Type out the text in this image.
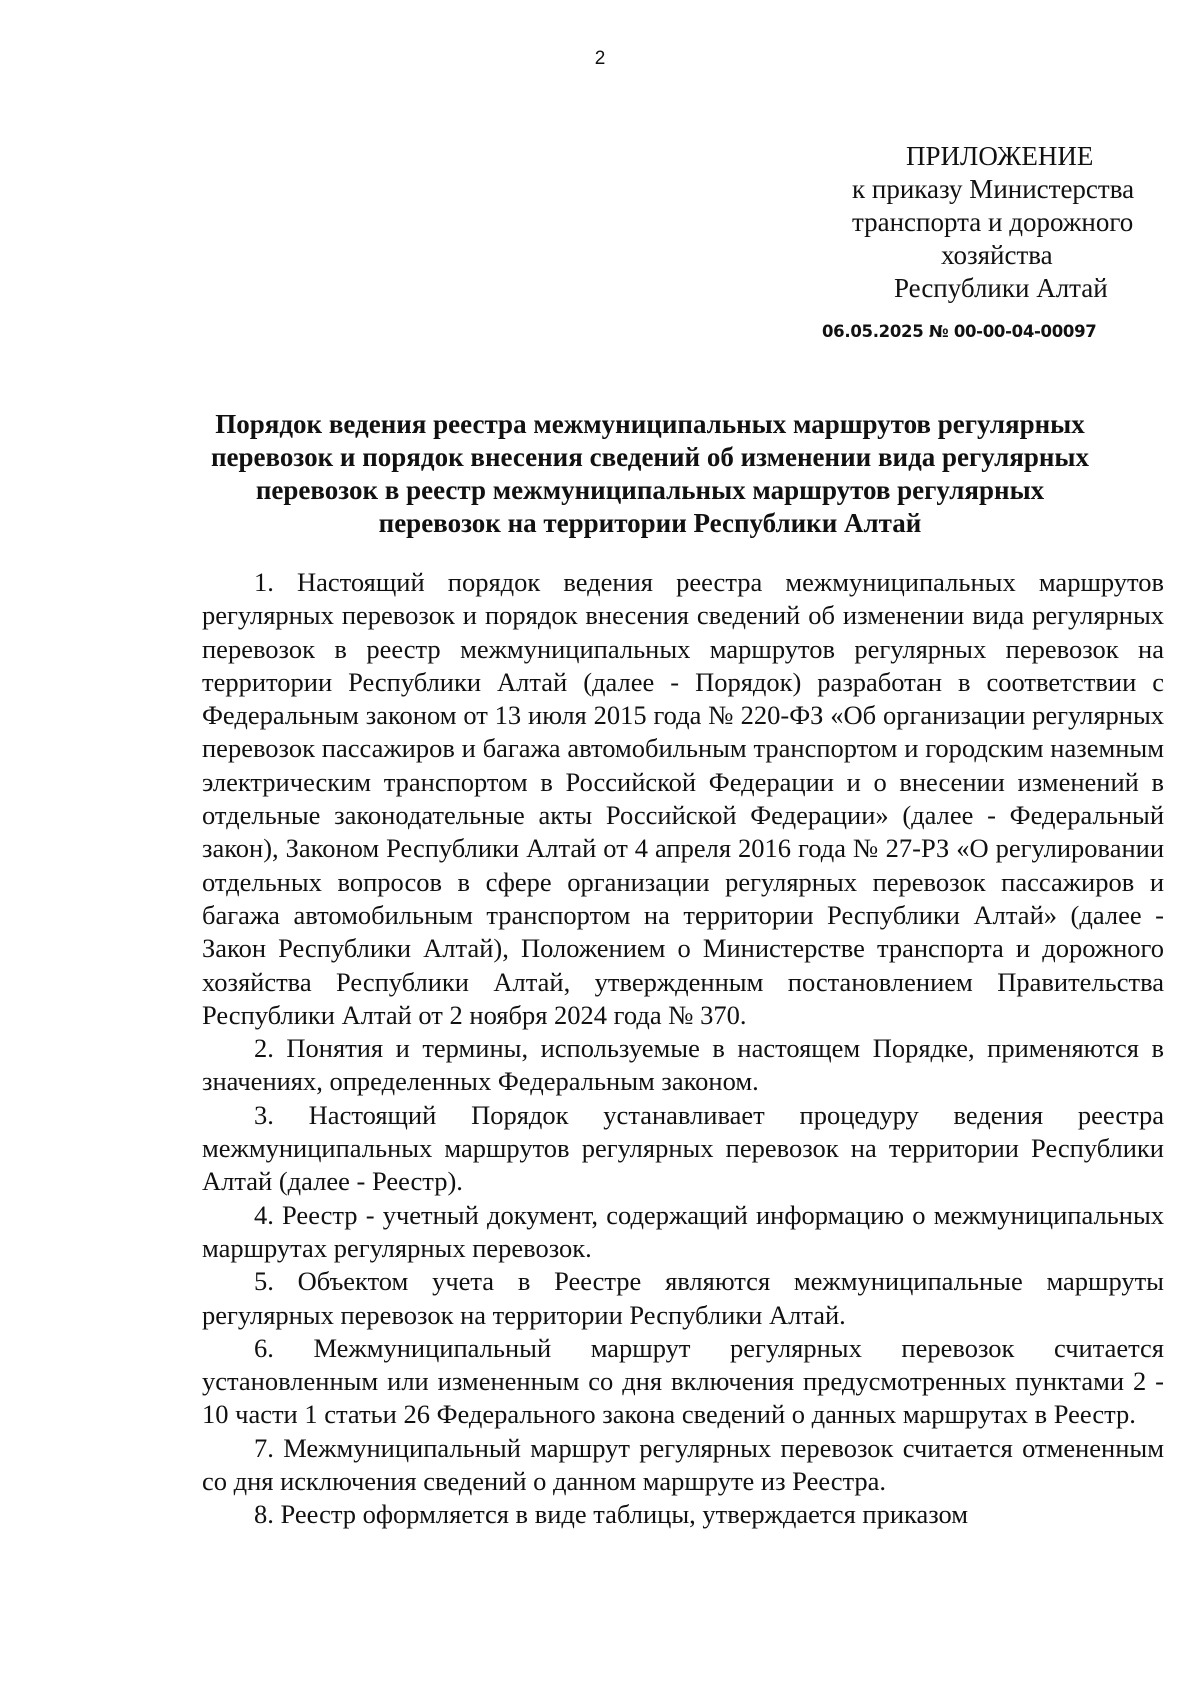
2
ПРИЛОЖЕНИЕ
к приказу Министерства
транспорта и дорожного
хозяйства
Республики Алтай
06.05.2025 № 00-00-04-00097
Порядок ведения реестра межмуниципальных маршрутов регулярных
перевозок и порядок внесения сведений об изменении вида регулярных
перевозок в реестр межмуниципальных маршрутов регулярных
перевозок на территории Республики Алтай

1. Настоящий порядок ведения реестра межмуниципальных маршрутов регулярных перевозок и порядок внесения сведений об изменении вида регулярных перевозок в реестр межмуниципальных маршрутов регулярных перевозок на территории Республики Алтай (далее - Порядок) разработан в соответствии с Федеральным законом от 13 июля 2015 года № 220-ФЗ «Об организации регулярных перевозок пассажиров и багажа автомобильным транспортом и городским наземным электрическим транспортом в Российской Федерации и о внесении изменений в отдельные законодательные акты Российской Федерации» (далее - Федеральный закон), Законом Республики Алтай от 4 апреля 2016 года № 27-РЗ «О регулировании отдельных вопросов в сфере организации регулярных перевозок пассажиров и багажа автомобильным транспортом на территории Республики Алтай» (далее - Закон Республики Алтай), Положением о Министерстве транспорта и дорожного хозяйства Республики Алтай, утвержденным постановлением Правительства Республики Алтай от 2 ноября 2024 года № 370.

2. Понятия и термины, используемые в настоящем Порядке, применяются в значениях, определенных Федеральным законом.

3. Настоящий Порядок устанавливает процедуру ведения реестра межмуниципальных маршрутов регулярных перевозок на территории Республики Алтай (далее - Реестр).

4. Реестр - учетный документ, содержащий информацию о межмуниципальных маршрутах регулярных перевозок.

5. Объектом учета в Реестре являются межмуниципальные маршруты регулярных перевозок на территории Республики Алтай.

6. Межмуниципальный маршрут регулярных перевозок считается установленным или измененным со дня включения предусмотренных пунктами 2 - 10 части 1 статьи 26 Федерального закона сведений о данных маршрутах в Реестр.

7. Межмуниципальный маршрут регулярных перевозок считается отмененным со дня исключения сведений о данном маршруте из Реестра.

8. Реестр оформляется в виде таблицы, утверждается приказом
